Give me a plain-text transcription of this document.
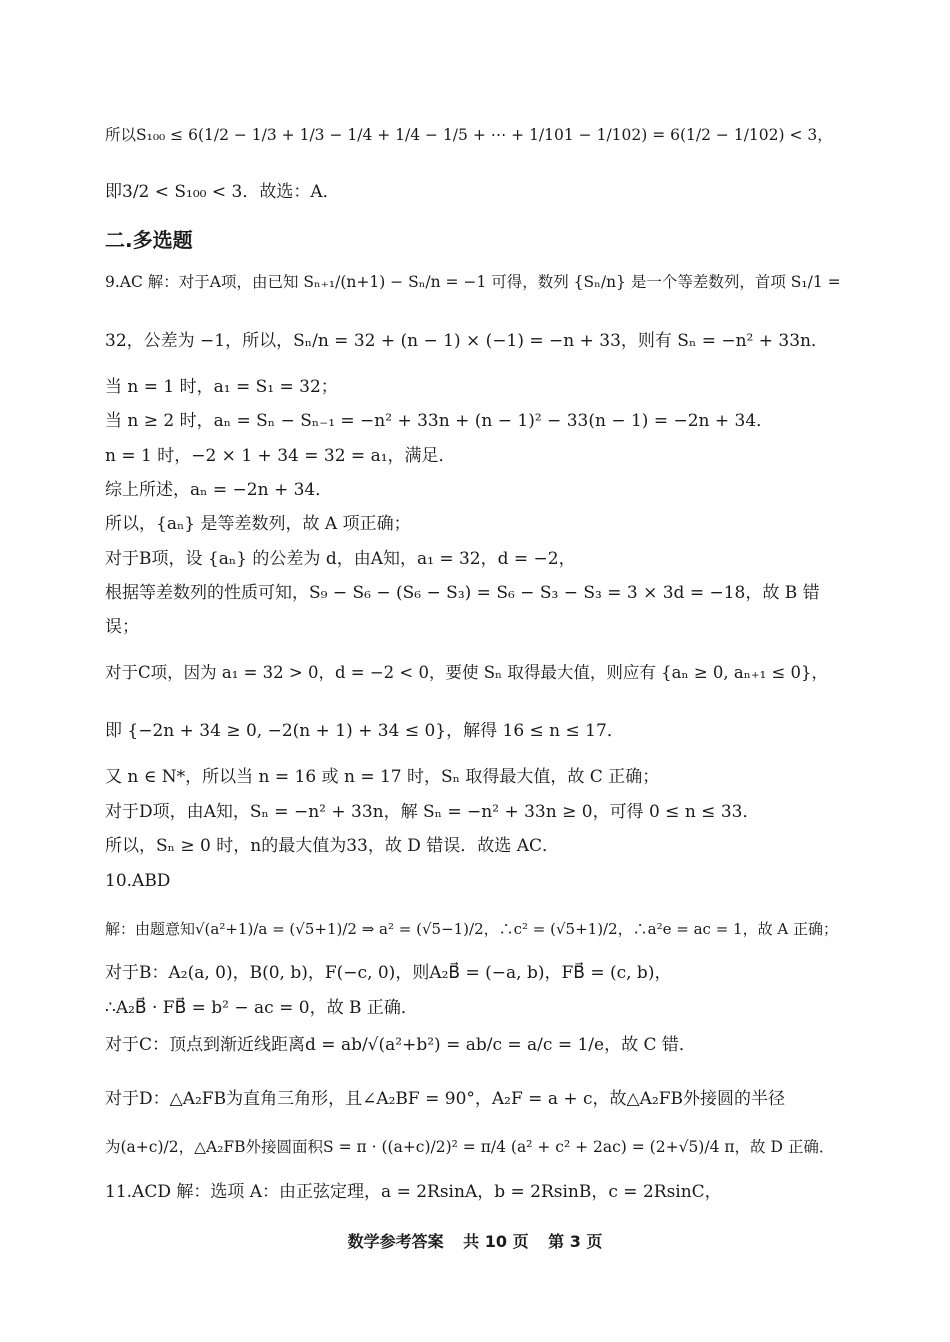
所以S₁₀₀ ≤ 6(1/2 − 1/3 + 1/3 − 1/4 + 1/4 − 1/5 + ⋯ + 1/101 − 1/102) = 6(1/2 − 1/102) < 3，
即3/2 < S₁₀₀ < 3．故选：A．
二.多选题
9.AC 解：对于A项，由已知 Sₙ₊₁/(n+1) − Sₙ/n = −1 可得，数列 {Sₙ/n} 是一个等差数列，首项 S₁/1 =
32，公差为 −1，所以，Sₙ/n = 32 + (n − 1) × (−1) = −n + 33，则有 Sₙ = −n² + 33n．
当 n = 1 时，a₁ = S₁ = 32；
当 n ≥ 2 时，aₙ = Sₙ − Sₙ₋₁ = −n² + 33n + (n − 1)² − 33(n − 1) = −2n + 34．
n = 1 时，−2 × 1 + 34 = 32 = a₁，满足．
综上所述，aₙ = −2n + 34．
所以，{aₙ} 是等差数列，故 A 项正确；
对于B项，设 {aₙ} 的公差为 d，由A知，a₁ = 32，d = −2，
根据等差数列的性质可知，S₉ − S₆ − (S₆ − S₃) = S₆ − S₃ − S₃ = 3 × 3d = −18，故 B 错
误；
对于C项，因为 a₁ = 32 > 0，d = −2 < 0，要使 Sₙ 取得最大值，则应有 {aₙ ≥ 0, aₙ₊₁ ≤ 0}，
即 {−2n + 34 ≥ 0, −2(n + 1) + 34 ≤ 0}，解得 16 ≤ n ≤ 17．
又 n ∈ N*，所以当 n = 16 或 n = 17 时，Sₙ 取得最大值，故 C 正确；
对于D项，由A知，Sₙ = −n² + 33n，解 Sₙ = −n² + 33n ≥ 0，可得 0 ≤ n ≤ 33．
所以，Sₙ ≥ 0 时，n的最大值为33，故 D 错误．故选 AC．
10.ABD
解：由题意知√(a²+1)/a = (√5+1)/2 ⇒ a² = (√5−1)/2，∴c² = (√5+1)/2，∴a²e = ac = 1，故 A 正确；
对于B：A₂(a, 0)，B(0, b)，F(−c, 0)，则A₂B⃗ = (−a, b)，FB⃗ = (c, b)，
∴A₂B⃗ · FB⃗ = b² − ac = 0，故 B 正确．
对于C：顶点到渐近线距离d = ab/√(a²+b²) = ab/c = a/c = 1/e，故 C 错．
对于D：△A₂FB为直角三角形，且∠A₂BF = 90°，A₂F = a + c，故△A₂FB外接圆的半径
为(a+c)/2，△A₂FB外接圆面积S = π · ((a+c)/2)² = π/4 (a² + c² + 2ac) = (2+√5)/4 π，故 D 正确．
11.ACD 解：选项 A：由正弦定理，a = 2RsinA，b = 2RsinB，c = 2RsinC，
数学参考答案 共 10 页 第 3 页
